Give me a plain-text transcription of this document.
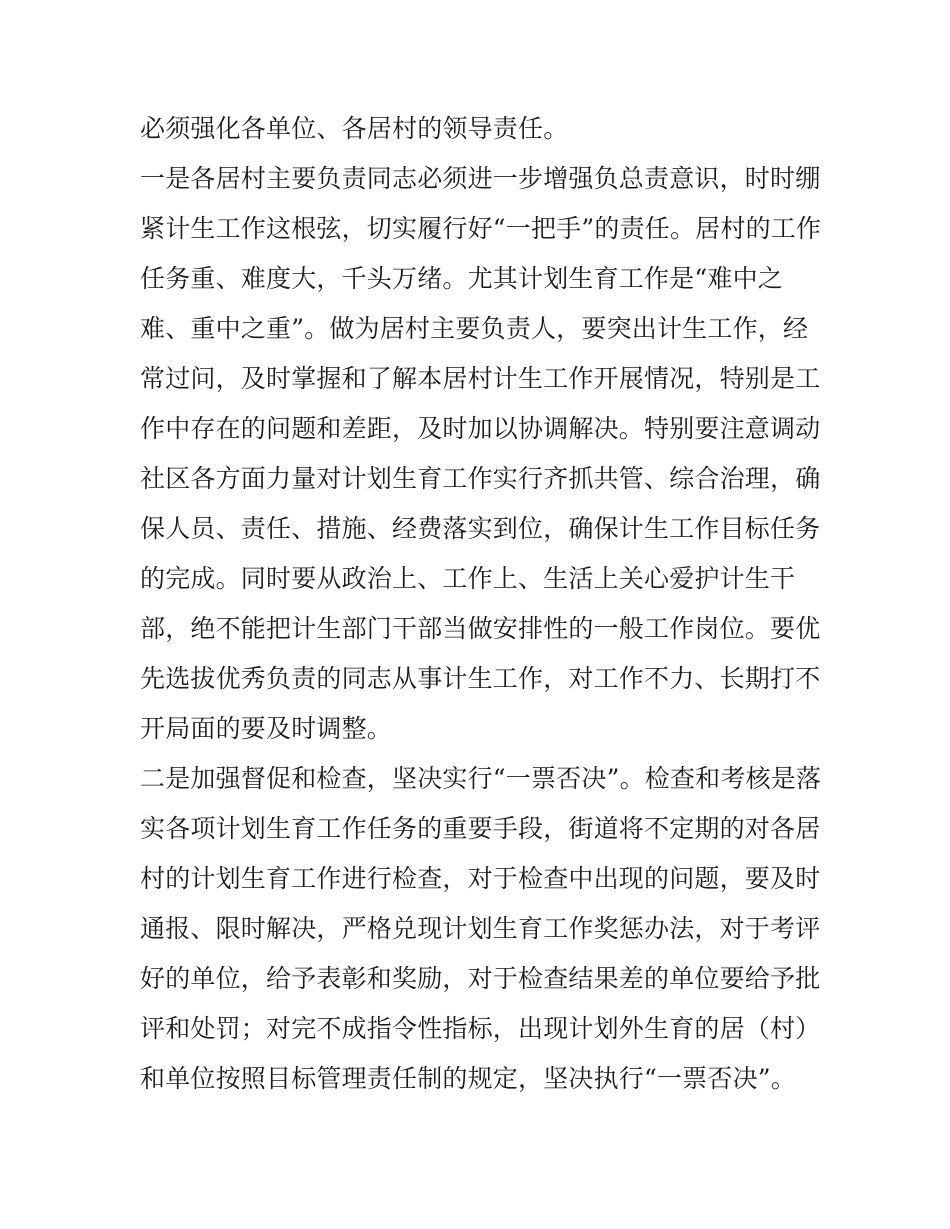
必须强化各单位、各居村的领导责任。
一是各居村主要负责同志必须进一步增强负总责意识，时时绷
紧计生工作这根弦，切实履行好“一把手”的责任。居村的工作
任务重、难度大，千头万绪。尤其计划生育工作是“难中之
难、重中之重”。做为居村主要负责人，要突出计生工作，经
常过问，及时掌握和了解本居村计生工作开展情况，特别是工
作中存在的问题和差距，及时加以协调解决。特别要注意调动
社区各方面力量对计划生育工作实行齐抓共管、综合治理，确
保人员、责任、措施、经费落实到位，确保计生工作目标任务
的完成。同时要从政治上、工作上、生活上关心爱护计生干
部，绝不能把计生部门干部当做安排性的一般工作岗位。要优
先选拔优秀负责的同志从事计生工作，对工作不力、长期打不
开局面的要及时调整。
二是加强督促和检查，坚决实行“一票否决”。检查和考核是落
实各项计划生育工作任务的重要手段，街道将不定期的对各居
村的计划生育工作进行检查，对于检查中出现的问题，要及时
通报、限时解决，严格兑现计划生育工作奖惩办法，对于考评
好的单位，给予表彰和奖励，对于检查结果差的单位要给予批
评和处罚；对完不成指令性指标，出现计划外生育的居（村）
和单位按照目标管理责任制的规定，坚决执行“一票否决”。
